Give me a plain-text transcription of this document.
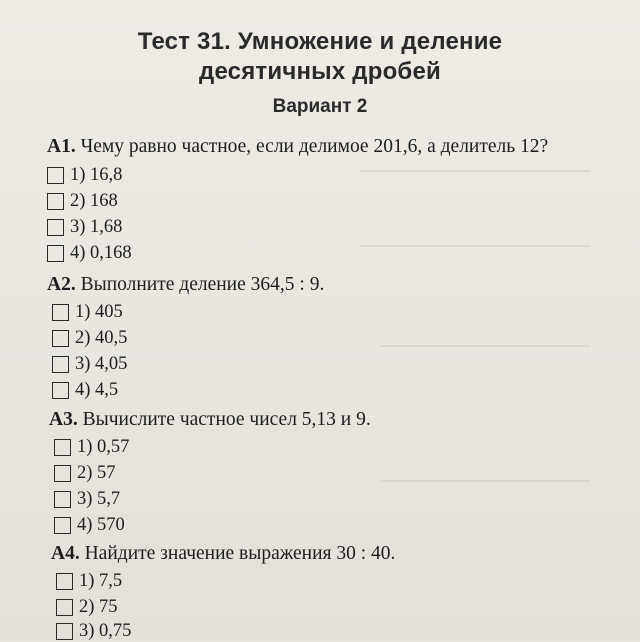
Тест 31. Умножение и деление
десятичных дробей
Вариант 2
А1. Чему равно частное, если делимое 201,6, а делитель 12?
1) 16,8
2) 168
3) 1,68
4) 0,168
А2. Выполните деление 364,5 : 9.
1) 405
2) 40,5
3) 4,05
4) 4,5
А3. Вычислите частное чисел 5,13 и 9.
1) 0,57
2) 57
3) 5,7
4) 570
А4. Найдите значение выражения 30 : 40.
1) 7,5
2) 75
3) 0,75
